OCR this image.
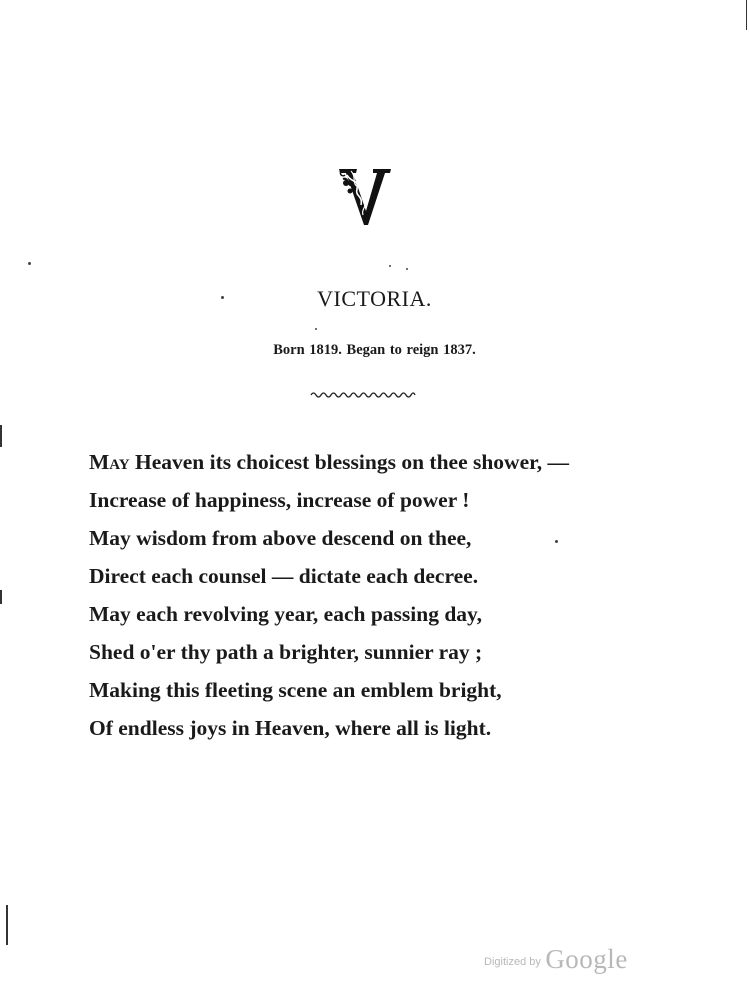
VICTORIA.
Born 1819. Began to reign 1837.
May Heaven its choicest blessings on thee shower, —
Increase of happiness, increase of power !
May wisdom from above descend on thee,
Direct each counsel — dictate each decree.
May each revolving year, each passing day,
Shed o'er thy path a brighter, sunnier ray ;
Making this fleeting scene an emblem bright,
Of endless joys in Heaven, where all is light.
Digitized by Google
